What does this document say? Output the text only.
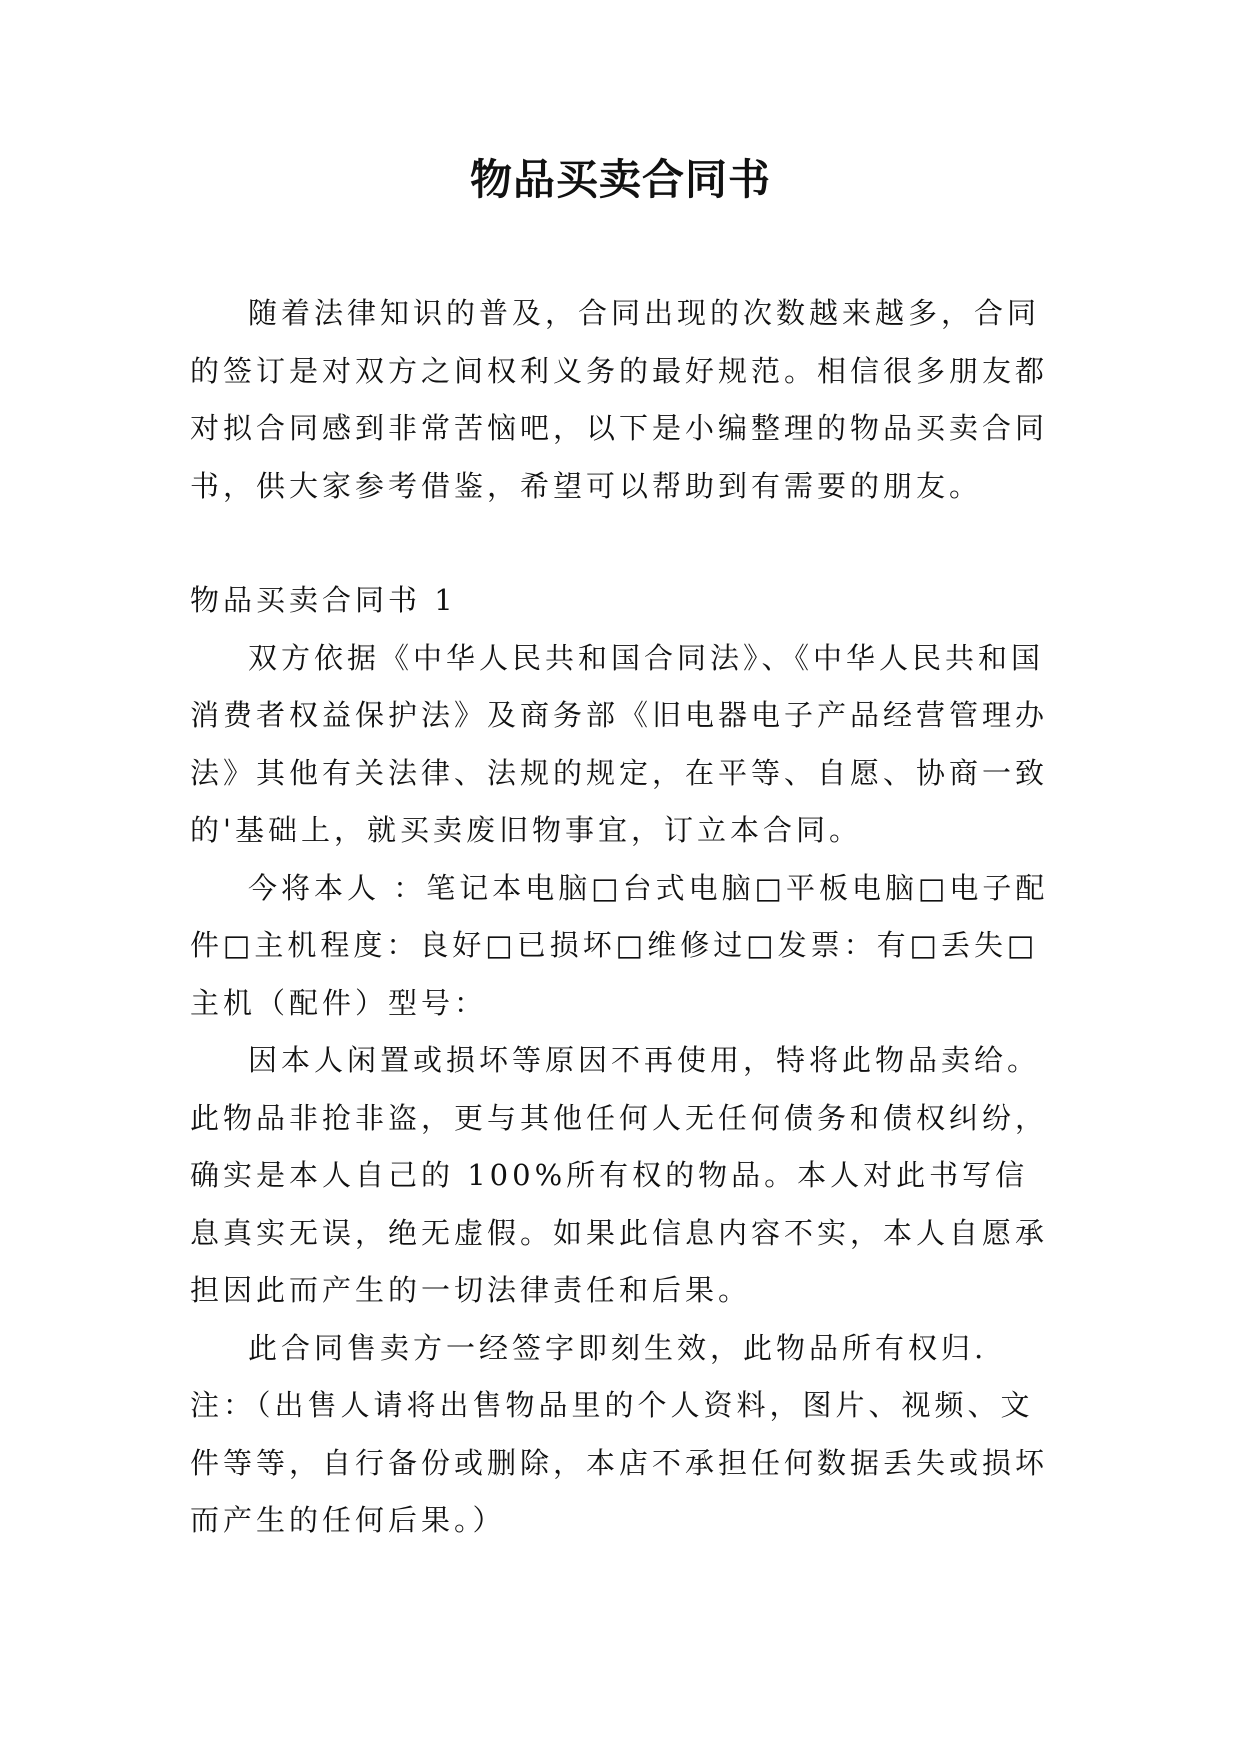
物品买卖合同书

随着法律知识的普及，合同出现的次数越来越多，合同的签订是对双方之间权利义务的最好规范。相信很多朋友都对拟合同感到非常苦恼吧，以下是小编整理的物品买卖合同书，供大家参考借鉴，希望可以帮助到有需要的朋友。

物品买卖合同书 1

双方依据《中华人民共和国合同法》、《中华人民共和国消费者权益保护法》及商务部《旧电器电子产品经营管理办法》其他有关法律、法规的规定，在平等、自愿、协商一致的'基础上，就买卖废旧物事宜，订立本合同。

今将本人 ：笔记本电脑□台式电脑□平板电脑□电子配件□主机程度：良好□已损坏□维修过□发票：有□丢失□主机（配件）型号：

因本人闲置或损坏等原因不再使用，特将此物品卖给。此物品非抢非盗，更与其他任何人无任何债务和债权纠纷，确实是本人自己的 100%所有权的物品。本人对此书写信息真实无误，绝无虚假。如果此信息内容不实，本人自愿承担因此而产生的一切法律责任和后果。

此合同售卖方一经签字即刻生效，此物品所有权归.注：（出售人请将出售物品里的个人资料，图片、视频、文件等等，自行备份或删除，本店不承担任何数据丢失或损坏而产生的任何后果。）
